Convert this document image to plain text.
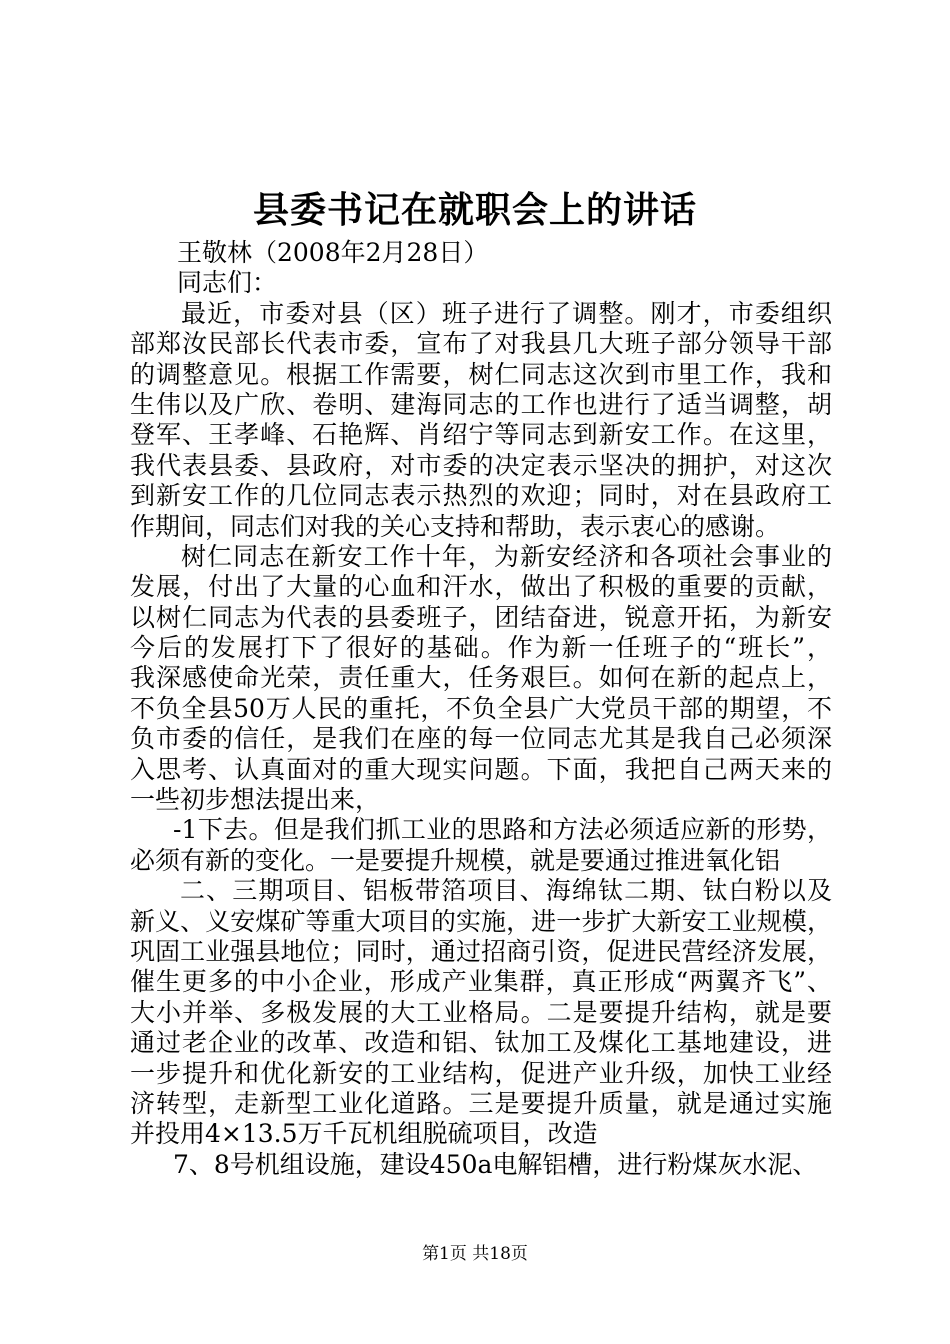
县委书记在就职会上的讲话
王敬林（2008年2月28日）
同志们：
最近，市委对县（区）班子进行了调整。刚才，市委组织
部郑汝民部长代表市委，宣布了对我县几大班子部分领导干部
的调整意见。根据工作需要，树仁同志这次到市里工作，我和
生伟以及广欣、卷明、建海同志的工作也进行了适当调整，胡
登军、王孝峰、石艳辉、肖绍宁等同志到新安工作。在这里，
我代表县委、县政府，对市委的决定表示坚决的拥护，对这次
到新安工作的几位同志表示热烈的欢迎；同时，对在县政府工
作期间，同志们对我的关心支持和帮助，表示衷心的感谢。
树仁同志在新安工作十年，为新安经济和各项社会事业的
发展，付出了大量的心血和汗水，做出了积极的重要的贡献，
以树仁同志为代表的县委班子，团结奋进，锐意开拓，为新安
今后的发展打下了很好的基础。作为新一任班子的“班长”，
我深感使命光荣，责任重大，任务艰巨。如何在新的起点上，
不负全县50万人民的重托，不负全县广大党员干部的期望，不
负市委的信任，是我们在座的每一位同志尤其是我自己必须深
入思考、认真面对的重大现实问题。下面，我把自己两天来的
一些初步想法提出来，
-1下去。但是我们抓工业的思路和方法必须适应新的形势，
必须有新的变化。一是要提升规模，就是要通过推进氧化铝
二、三期项目、铝板带箔项目、海绵钛二期、钛白粉以及
新义、义安煤矿等重大项目的实施，进一步扩大新安工业规模，
巩固工业强县地位；同时，通过招商引资，促进民营经济发展，
催生更多的中小企业，形成产业集群，真正形成“两翼齐飞”、
大小并举、多极发展的大工业格局。二是要提升结构，就是要
通过老企业的改革、改造和铝、钛加工及煤化工基地建设，进
一步提升和优化新安的工业结构，促进产业升级，加快工业经
济转型，走新型工业化道路。三是要提升质量，就是通过实施
并投用4×13.5万千瓦机组脱硫项目，改造
7、8号机组设施，建设450a电解铝槽，进行粉煤灰水泥、
第1页 共18页
